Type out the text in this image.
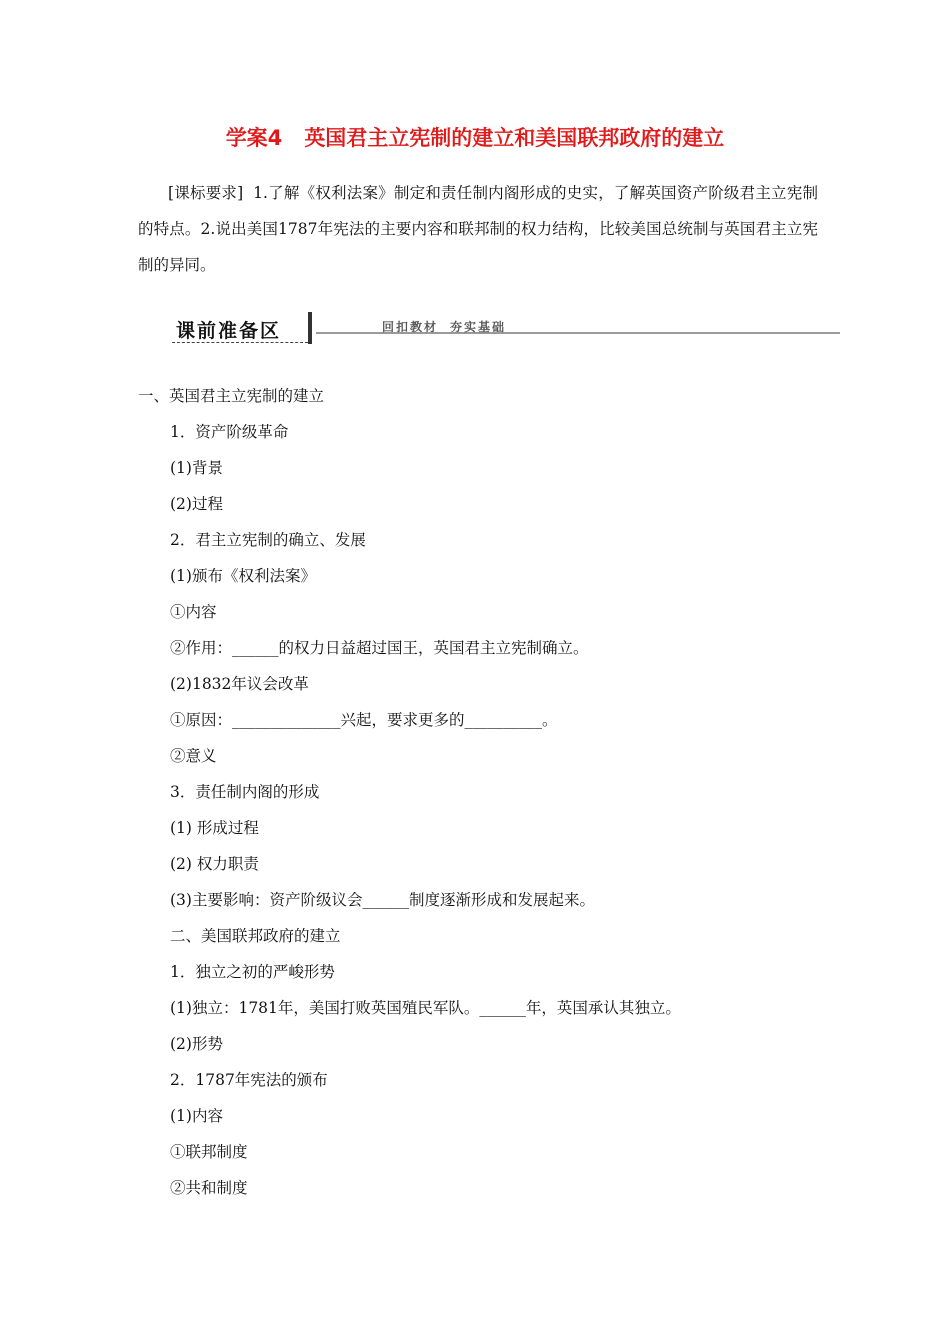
学案4 英国君主立宪制的建立和美国联邦政府的建立
[课标要求] 1.了解《权利法案》制定和责任制内阁形成的史实，了解英国资产阶级君主立宪制的特点。2.说出美国1787年宪法的主要内容和联邦制的权力结构，比较美国总统制与英国君主立宪制的异同。
课前准备区	回扣教材 夯实基础
一、英国君主立宪制的建立
1．资产阶级革命
(1)背景
(2)过程
2．君主立宪制的确立、发展
(1)颁布《权利法案》
①内容
②作用：______的权力日益超过国王，英国君主立宪制确立。
(2)1832年议会改革
①原因：______________兴起，要求更多的__________。
②意义
3．责任制内阁的形成
(1) 形成过程
(2) 权力职责
(3)主要影响：资产阶级议会______制度逐渐形成和发展起来。
二、美国联邦政府的建立
1．独立之初的严峻形势
(1)独立：1781年，美国打败英国殖民军队。______年，英国承认其独立。
(2)形势
2．1787年宪法的颁布
(1)内容
①联邦制度
②共和制度
